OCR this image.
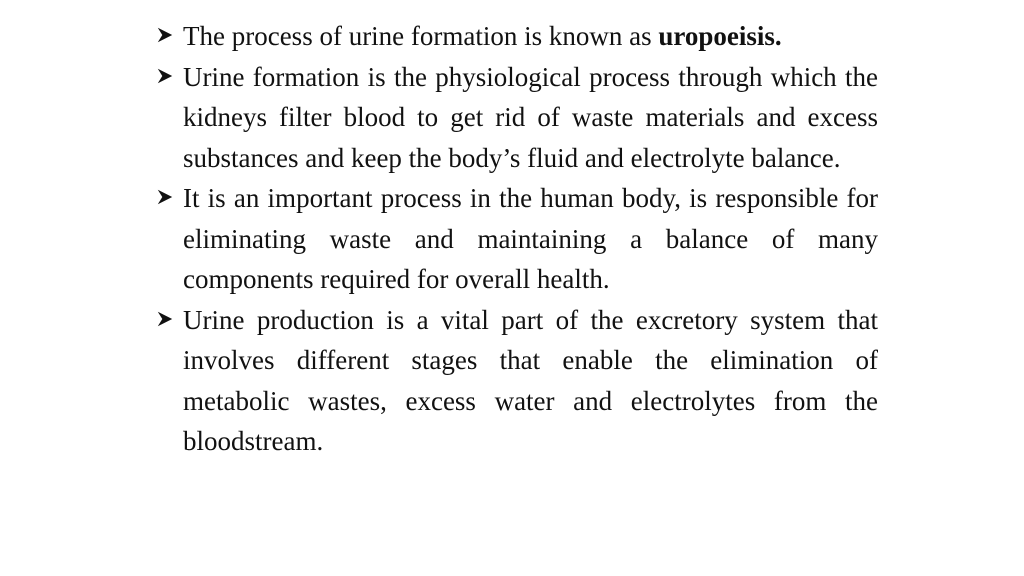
The process of urine formation is known as uropoeisis.
Urine formation is the physiological process through which the kidneys filter blood to get rid of waste materials and excess substances and keep the body’s fluid and electrolyte balance.
It is an important process in the human body, is responsible for eliminating waste and maintaining a balance of many components required for overall health.
Urine production is a vital part of the excretory system that involves different stages that enable the elimination of metabolic wastes, excess water and electrolytes from the bloodstream.
